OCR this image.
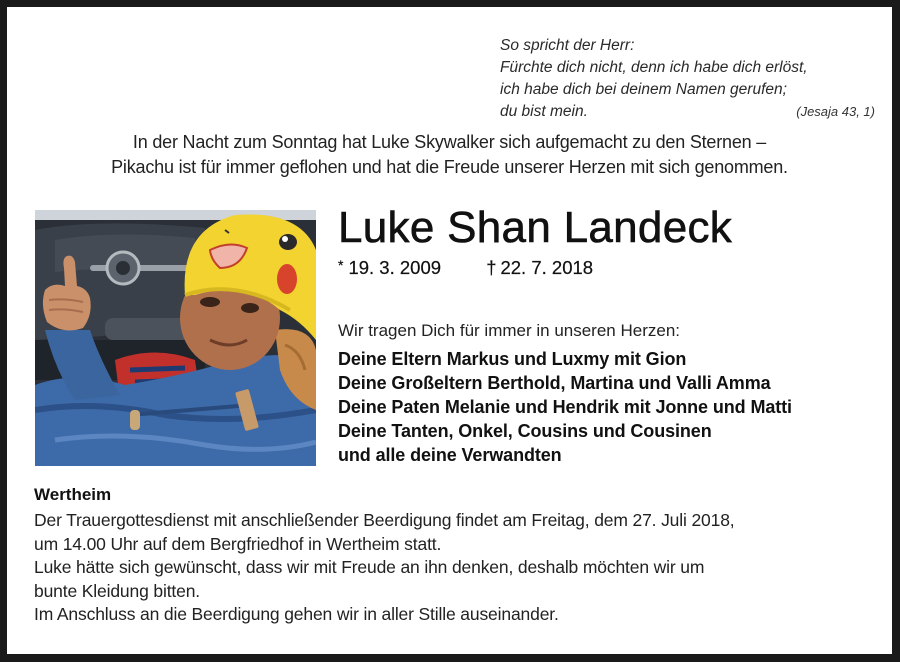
So spricht der Herr:
Fürchte dich nicht, denn ich habe dich erlöst,
ich habe dich bei deinem Namen gerufen;
du bist mein.	(Jesaja 43, 1)
In der Nacht zum Sonntag hat Luke Skywalker sich aufgemacht zu den Sternen –
Pikachu ist für immer geflohen und hat die Freude unserer Herzen mit sich genommen.
Luke Shan Landeck
* 19. 3. 2009 † 22. 7. 2018
Wir tragen Dich für immer in unseren Herzen:
Deine Eltern Markus und Luxmy mit Gion
Deine Großeltern Berthold, Martina und Valli Amma
Deine Paten Melanie und Hendrik mit Jonne und Matti
Deine Tanten, Onkel, Cousins und Cousinen
und alle deine Verwandten
Wertheim
Der Trauergottesdienst mit anschließender Beerdigung findet am Freitag, dem 27. Juli 2018,
um 14.00 Uhr auf dem Bergfriedhof in Wertheim statt.
Luke hätte sich gewünscht, dass wir mit Freude an ihn denken, deshalb möchten wir um
bunte Kleidung bitten.
Im Anschluss an die Beerdigung gehen wir in aller Stille auseinander.
